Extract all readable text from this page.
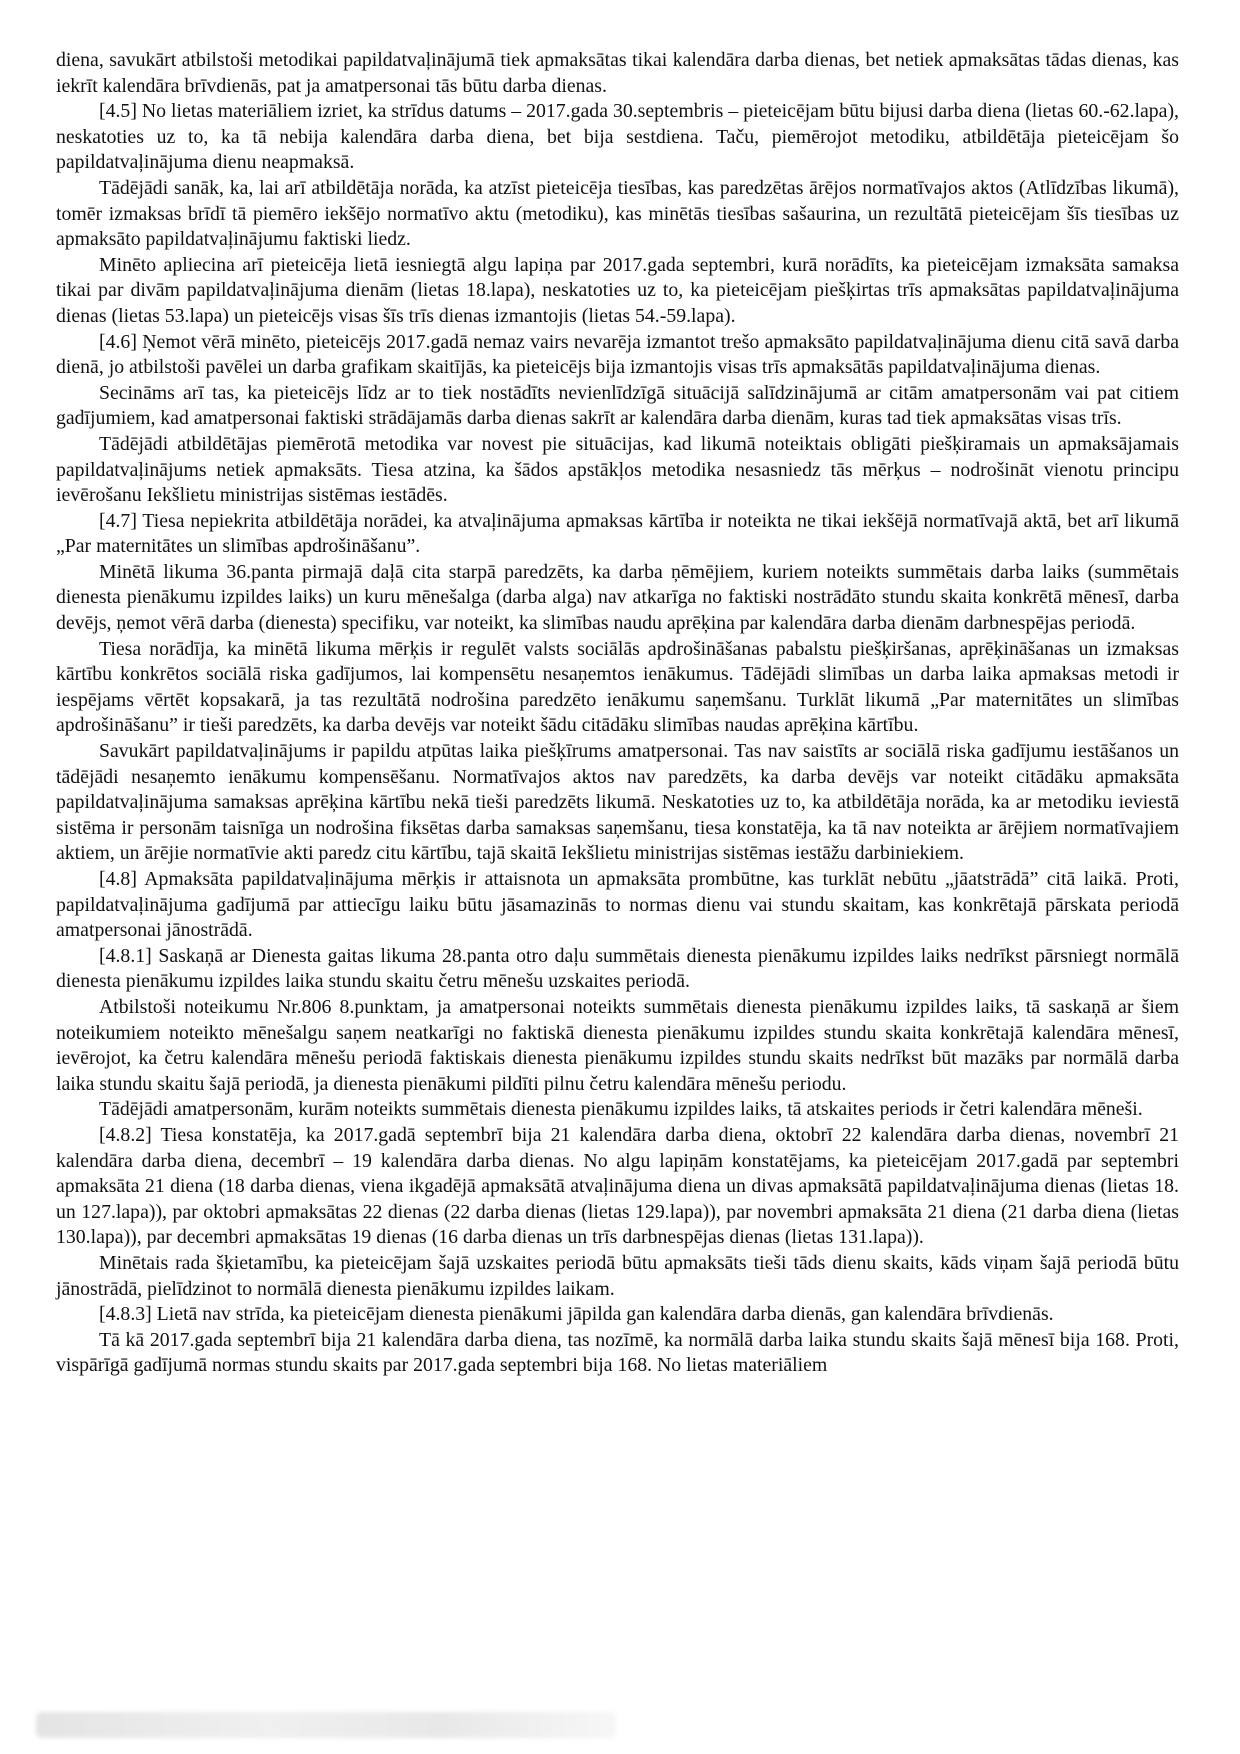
diena, savukārt atbilstoši metodikai papildatvaļinājumā tiek apmaksātas tikai kalendāra darba dienas, bet netiek apmaksātas tādas dienas, kas iekrīt kalendāra brīvdienās, pat ja amatpersonai tās būtu darba dienas.

[4.5] No lietas materiāliem izriet, ka strīdus datums – 2017.gada 30.septembris – pieteicējam būtu bijusi darba diena (lietas 60.-62.lapa), neskatoties uz to, ka tā nebija kalendāra darba diena, bet bija sestdiena. Taču, piemērojot metodiku, atbildētāja pieteicējam šo papildatvaļinājuma dienu neapmaksā.

Tādējādi sanāk, ka, lai arī atbildētāja norāda, ka atzīst pieteicēja tiesības, kas paredzētas ārējos normatīvajos aktos (Atlīdzības likumā), tomēr izmaksas brīdī tā piemēro iekšējo normatīvo aktu (metodiku), kas minētās tiesības sašaurina, un rezultātā pieteicējam šīs tiesības uz apmaksāto papildatvaļinājumu faktiski liedz.

Minēto apliecina arī pieteicēja lietā iesniegtā algu lapiņa par 2017.gada septembri, kurā norādīts, ka pieteicējam izmaksāta samaksa tikai par divām papildatvaļinājuma dienām (lietas 18.lapa), neskatoties uz to, ka pieteicējam piešķirtas trīs apmaksātas papildatvaļinājuma dienas (lietas 53.lapa) un pieteicējs visas šīs trīs dienas izmantojis (lietas 54.-59.lapa).

[4.6] Ņemot vērā minēto, pieteicējs 2017.gadā nemaz vairs nevarēja izmantot trešo apmaksāto papildatvaļinājuma dienu citā savā darba dienā, jo atbilstoši pavēlei un darba grafikam skaitījās, ka pieteicējs bija izmantojis visas trīs apmaksātās papildatvaļinājuma dienas.

Secināms arī tas, ka pieteicējs līdz ar to tiek nostādīts nevienlīdzīgā situācijā salīdzinājumā ar citām amatpersonām vai pat citiem gadījumiem, kad amatpersonai faktiski strādājamās darba dienas sakrīt ar kalendāra darba dienām, kuras tad tiek apmaksātas visas trīs.

Tādējādi atbildētājas piemērotā metodika var novest pie situācijas, kad likumā noteiktais obligāti piešķiramais un apmaksājamais papildatvaļinājums netiek apmaksāts. Tiesa atzina, ka šādos apstākļos metodika nesasniedz tās mērķus – nodrošināt vienotu principu ievērošanu Iekšlietu ministrijas sistēmas iestādēs.

[4.7] Tiesa nepiekrita atbildētāja norādei, ka atvaļinājuma apmaksas kārtība ir noteikta ne tikai iekšējā normatīvajā aktā, bet arī likumā „Par maternitātes un slimības apdrošināšanu”.

Minētā likuma 36.panta pirmajā daļā cita starpā paredzēts, ka darba ņēmējiem, kuriem noteikts summētais darba laiks (summētais dienesta pienākumu izpildes laiks) un kuru mēnešalga (darba alga) nav atkarīga no faktiski nostrādāto stundu skaita konkrētā mēnesī, darba devējs, ņemot vērā darba (dienesta) specifiku, var noteikt, ka slimības naudu aprēķina par kalendāra darba dienām darbnespējas periodā.

Tiesa norādīja, ka minētā likuma mērķis ir regulēt valsts sociālās apdrošināšanas pabalstu piešķiršanas, aprēķināšanas un izmaksas kārtību konkrētos sociālā riska gadījumos, lai kompensētu nesaņemtos ienākumus. Tādējādi slimības un darba laika apmaksas metodi ir iespējams vērtēt kopsakarā, ja tas rezultātā nodrošina paredzēto ienākumu saņemšanu. Turklāt likumā „Par maternitātes un slimības apdrošināšanu” ir tieši paredzēts, ka darba devējs var noteikt šādu citādāku slimības naudas aprēķina kārtību.

Savukārt papildatvaļinājums ir papildu atpūtas laika piešķīrums amatpersonai. Tas nav saistīts ar sociālā riska gadījumu iestāšanos un tādējādi nesaņemto ienākumu kompensēšanu. Normatīvajos aktos nav paredzēts, ka darba devējs var noteikt citādāku apmaksāta papildatvaļinājuma samaksas aprēķina kārtību nekā tieši paredzēts likumā. Neskatoties uz to, ka atbildētāja norāda, ka ar metodiku ieviestā sistēma ir personām taisnīga un nodrošina fiksētas darba samaksas saņemšanu, tiesa konstatēja, ka tā nav noteikta ar ārējiem normatīvajiem aktiem, un ārējie normatīvie akti paredz citu kārtību, tajā skaitā Iekšlietu ministrijas sistēmas iestāžu darbiniekiem.

[4.8] Apmaksāta papildatvaļinājuma mērķis ir attaisnota un apmaksāta prombūtne, kas turklāt nebūtu „jāatstrādā” citā laikā. Proti, papildatvaļinājuma gadījumā par attiecīgu laiku būtu jāsamazinās to normas dienu vai stundu skaitam, kas konkrētajā pārskata periodā amatpersonai jānostrādā.

[4.8.1] Saskaņā ar Dienesta gaitas likuma 28.panta otro daļu summētais dienesta pienākumu izpildes laiks nedrīkst pārsniegt normālā dienesta pienākumu izpildes laika stundu skaitu četru mēnešu uzskaites periodā.

Atbilstoši noteikumu Nr.806 8.punktam, ja amatpersonai noteikts summētais dienesta pienākumu izpildes laiks, tā saskaņā ar šiem noteikumiem noteikto mēnešalgu saņem neatkarīgi no faktiskā dienesta pienākumu izpildes stundu skaita konkrētajā kalendāra mēnesī, ievērojot, ka četru kalendāra mēnešu periodā faktiskais dienesta pienākumu izpildes stundu skaits nedrīkst būt mazāks par normālā darba laika stundu skaitu šajā periodā, ja dienesta pienākumi pildīti pilnu četru kalendāra mēnešu periodu.

Tādējādi amatpersonām, kurām noteikts summētais dienesta pienākumu izpildes laiks, tā atskaites periods ir četri kalendāra mēneši.

[4.8.2] Tiesa konstatēja, ka 2017.gadā septembrī bija 21 kalendāra darba diena, oktobrī 22 kalendāra darba dienas, novembrī 21 kalendāra darba diena, decembrī – 19 kalendāra darba dienas. No algu lapiņām konstatējams, ka pieteicējam 2017.gadā par septembri apmaksāta 21 diena (18 darba dienas, viena ikgadējā apmaksātā atvaļinājuma diena un divas apmaksātā papildatvaļinājuma dienas (lietas 18. un 127.lapa)), par oktobri apmaksātas 22 dienas (22 darba dienas (lietas 129.lapa)), par novembri apmaksāta 21 diena (21 darba diena (lietas 130.lapa)), par decembri apmaksātas 19 dienas (16 darba dienas un trīs darbnespējas dienas (lietas 131.lapa)).

Minētais rada šķietamību, ka pieteicējam šajā uzskaites periodā būtu apmaksāts tieši tāds dienu skaits, kāds viņam šajā periodā būtu jānostrādā, pielīdzinot to normālā dienesta pienākumu izpildes laikam.

[4.8.3] Lietā nav strīda, ka pieteicējam dienesta pienākumi jāpilda gan kalendāra darba dienās, gan kalendāra brīvdienās.

Tā kā 2017.gada septembrī bija 21 kalendāra darba diena, tas nozīmē, ka normālā darba laika stundu skaits šajā mēnesī bija 168. Proti, vispārīgā gadījumā normas stundu skaits par 2017.gada septembri bija 168. No lietas materiāliem
